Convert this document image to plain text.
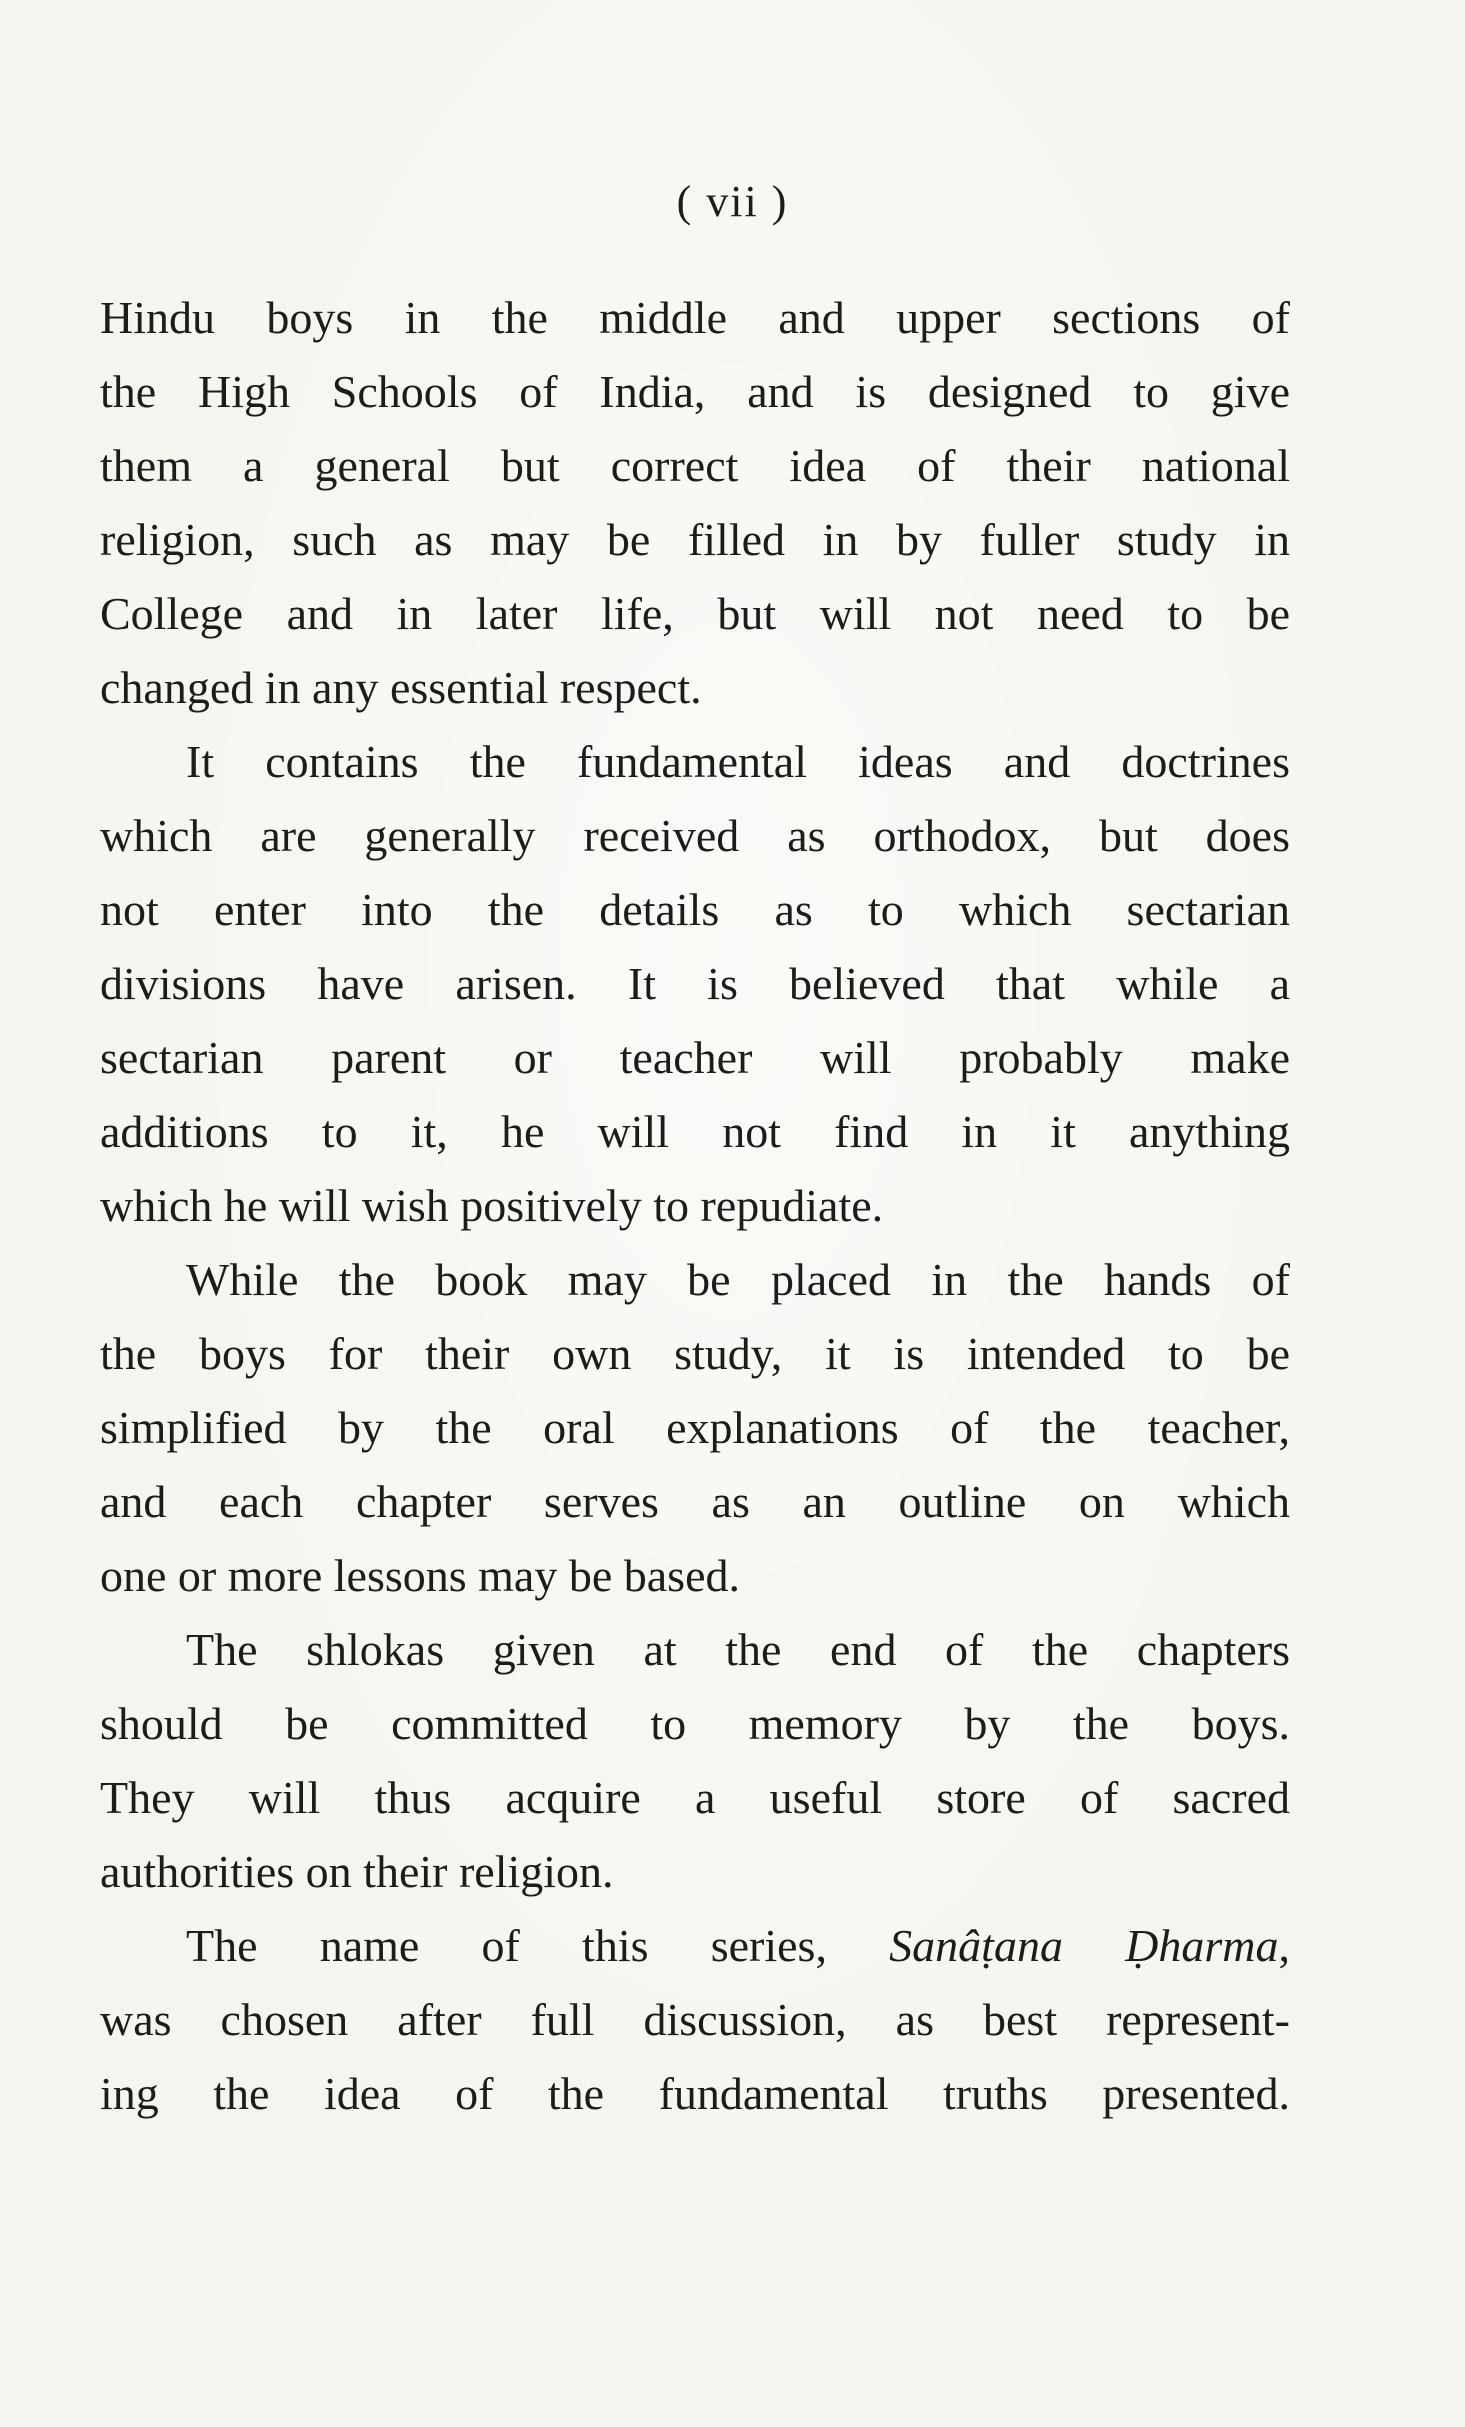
( vii )
Hindu boys in the middle and upper sections of
the High Schools of India, and is designed to give
them a general but correct idea of their national
religion, such as may be filled in by fuller study in
College and in later life, but will not need to be
changed in any essential respect.
It contains the fundamental ideas and doctrines
which are generally received as orthodox, but does
not enter into the details as to which sectarian
divisions have arisen. It is believed that while a
sectarian parent or teacher will probably make
additions to it, he will not find in it anything
which he will wish positively to repudiate.
While the book may be placed in the hands of
the boys for their own study, it is intended to be
simplified by the oral explanations of the teacher,
and each chapter serves as an outline on which
one or more lessons may be based.
The shlokas given at the end of the chapters
should be committed to memory by the boys.
They will thus acquire a useful store of sacred
authorities on their religion.
The name of this series, Sanâṭana Ḍharma,
was chosen after full discussion, as best represent-
ing the idea of the fundamental truths presented.
